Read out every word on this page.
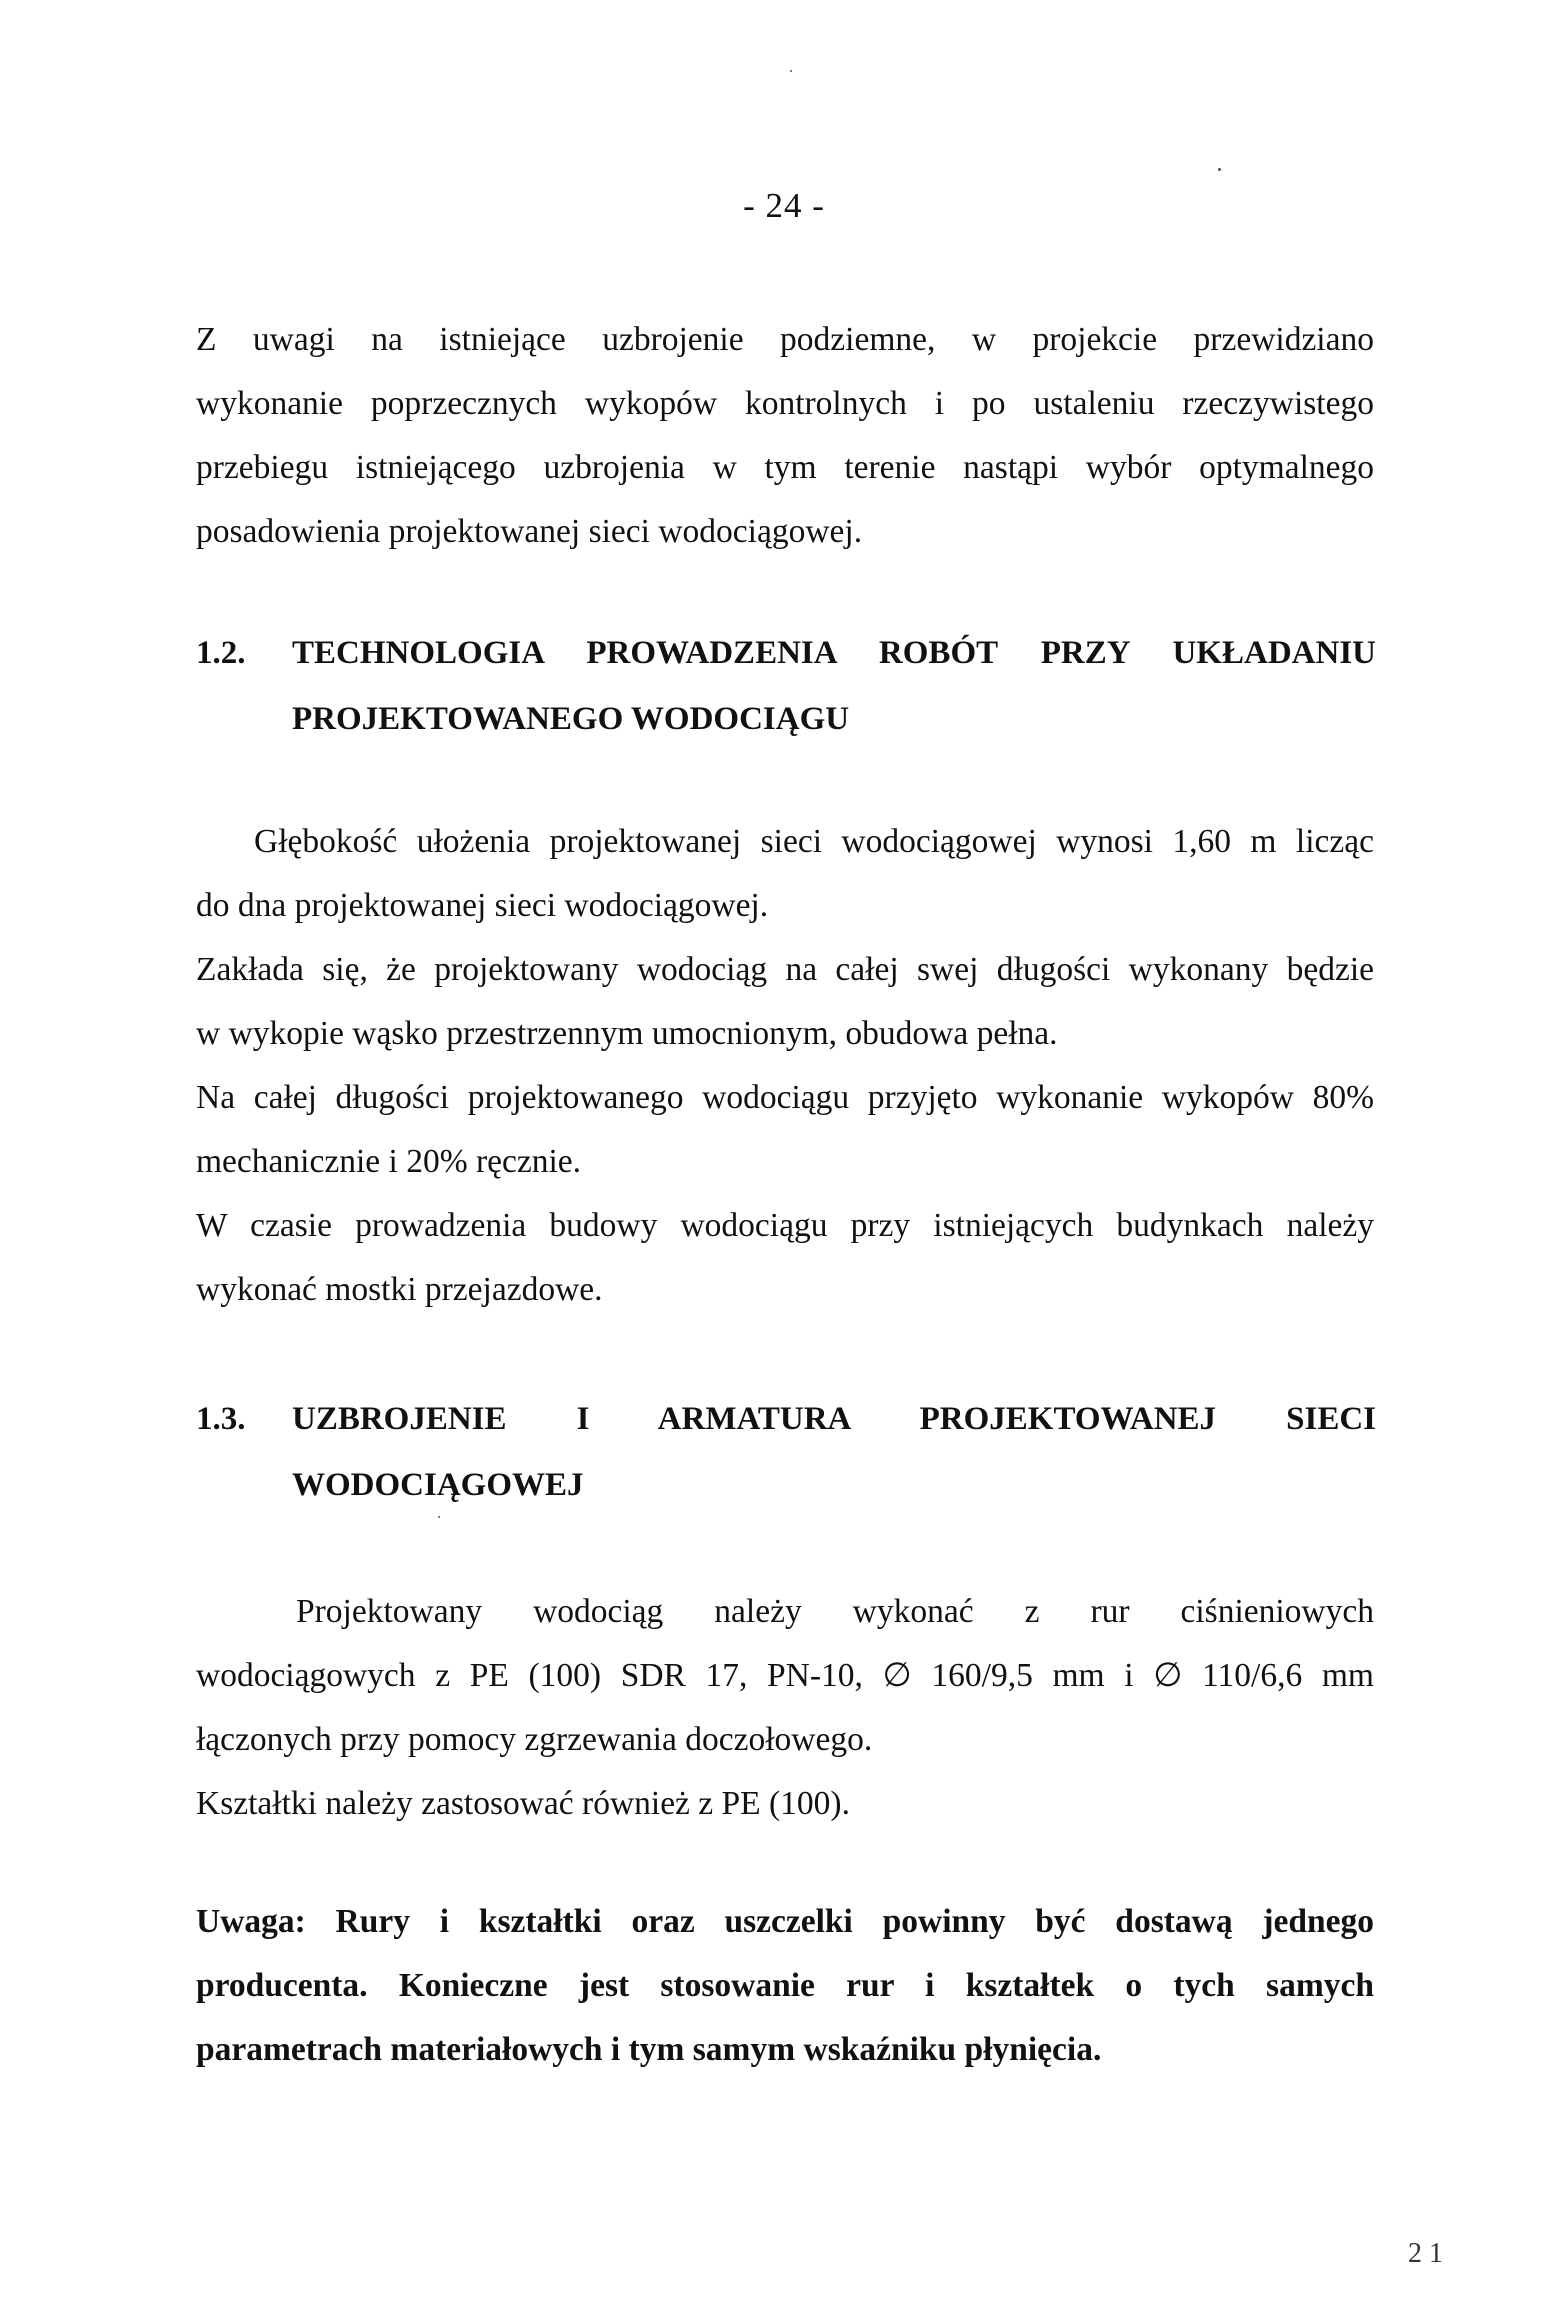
- 24 -
Z uwagi na istniejące uzbrojenie podziemne, w projekcie przewidziano
wykonanie poprzecznych wykopów kontrolnych i po ustaleniu rzeczywistego
przebiegu istniejącego uzbrojenia w tym terenie nastąpi wybór optymalnego
posadowienia projektowanej sieci wodociągowej.
1.2. TECHNOLOGIA PROWADZENIA ROBÓT PRZY UKŁADANIU
PROJEKTOWANEGO WODOCIĄGU
Głębokość ułożenia projektowanej sieci wodociągowej wynosi 1,60 m licząc
do dna projektowanej sieci wodociągowej.
Zakłada się, że projektowany wodociąg na całej swej długości wykonany będzie
w wykopie wąsko przestrzennym umocnionym, obudowa pełna.
Na całej długości projektowanego wodociągu przyjęto wykonanie wykopów 80%
mechanicznie i 20% ręcznie.
W czasie prowadzenia budowy wodociągu przy istniejących budynkach należy
wykonać mostki przejazdowe.
1.3. UZBROJENIE I ARMATURA PROJEKTOWANEJ SIECI
WODOCIĄGOWEJ
Projektowany wodociąg należy wykonać z rur ciśnieniowych
wodociągowych z PE (100) SDR 17, PN-10, ∅ 160/9,5 mm i ∅ 110/6,6 mm
łączonych przy pomocy zgrzewania doczołowego.
Kształtki należy zastosować również z PE (100).
Uwaga: Rury i kształtki oraz uszczelki powinny być dostawą jednego
producenta. Konieczne jest stosowanie rur i kształtek o tych samych
parametrach materiałowych i tym samym wskaźniku płynięcia.
2 1
